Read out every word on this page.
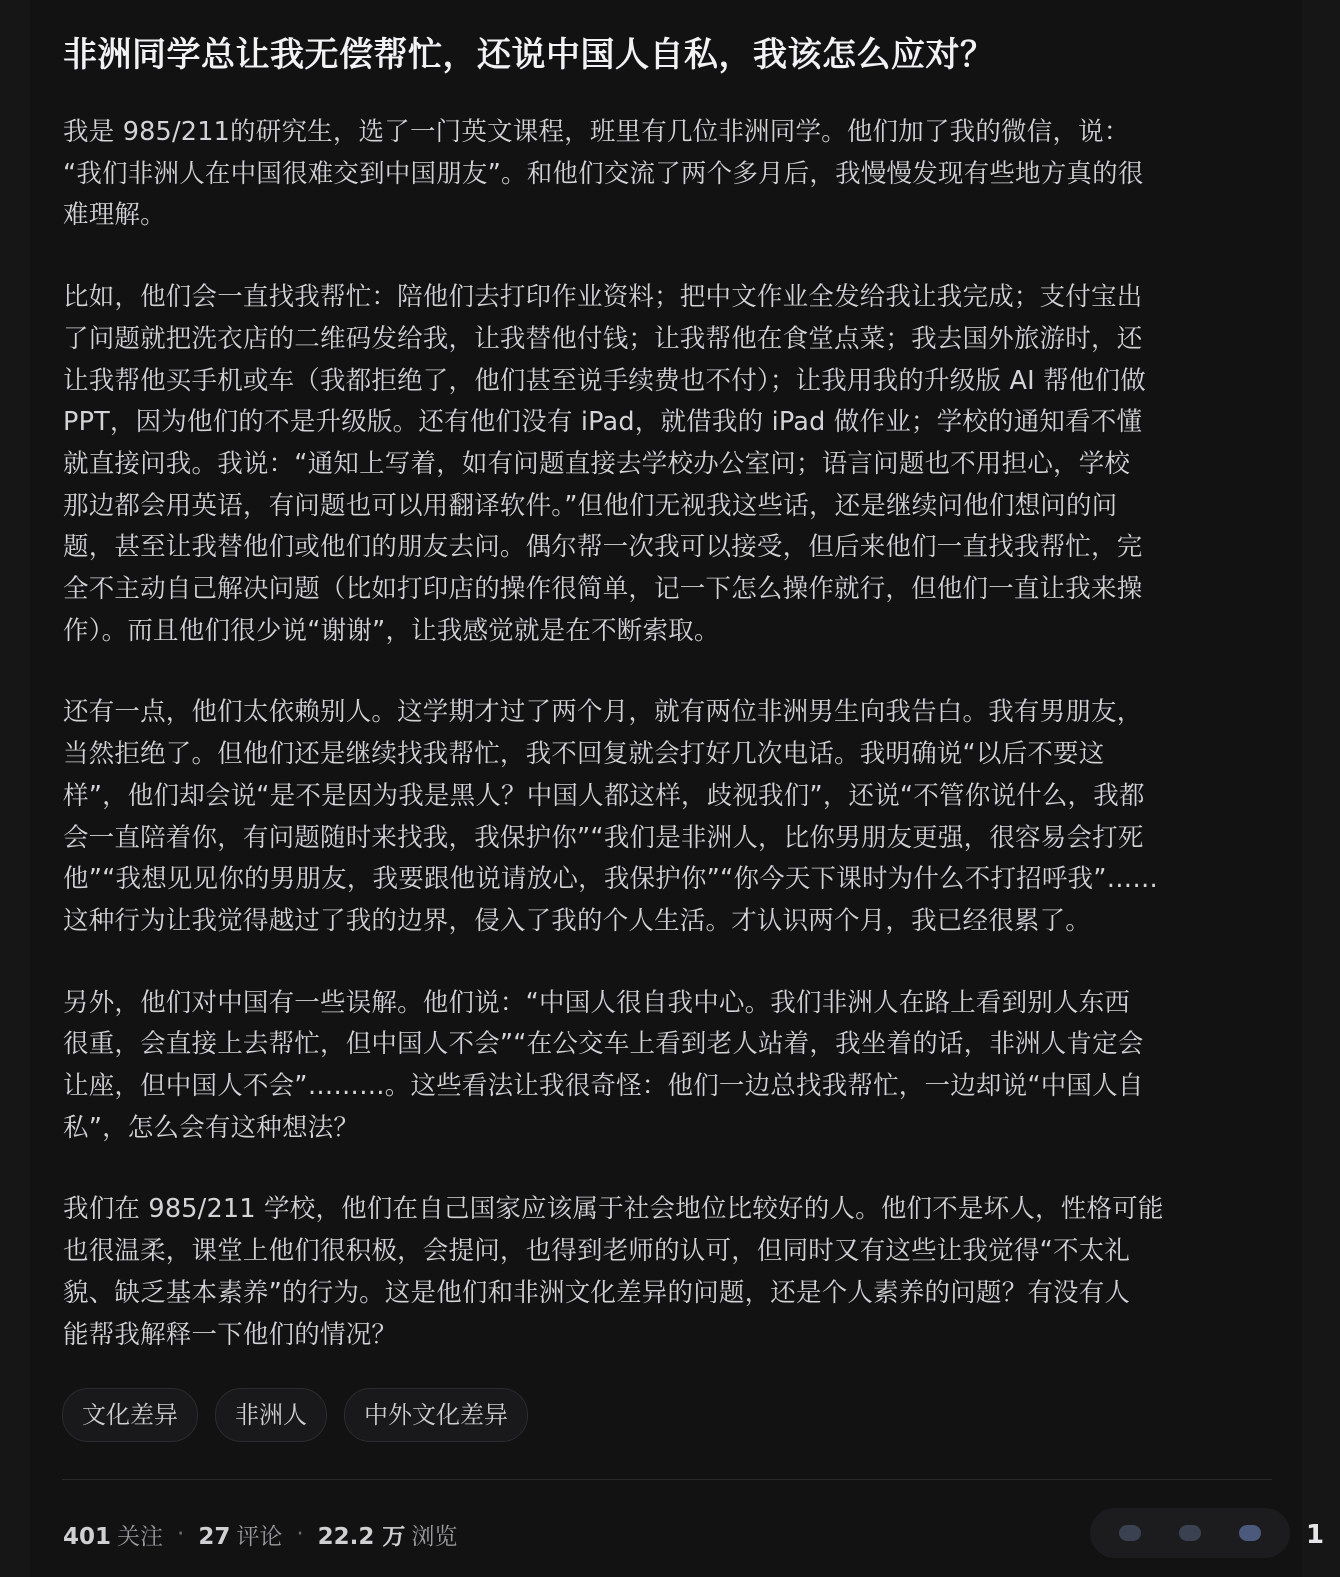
非洲同学总让我无偿帮忙，还说中国人自私，我该怎么应对？

我是 985/211的研究生，选了一门英文课程，班里有几位非洲同学。他们加了我的微信，说：
“我们非洲人在中国很难交到中国朋友”。和他们交流了两个多月后，我慢慢发现有些地方真的很
难理解。

比如，他们会一直找我帮忙：陪他们去打印作业资料；把中文作业全发给我让我完成；支付宝出
了问题就把洗衣店的二维码发给我，让我替他付钱；让我帮他在食堂点菜；我去国外旅游时，还
让我帮他买手机或车（我都拒绝了，他们甚至说手续费也不付）；让我用我的升级版 AI 帮他们做
PPT，因为他们的不是升级版。还有他们没有 iPad，就借我的 iPad 做作业；学校的通知看不懂
就直接问我。我说：“通知上写着，如有问题直接去学校办公室问；语言问题也不用担心，学校
那边都会用英语，有问题也可以用翻译软件。”但他们无视我这些话，还是继续问他们想问的问
题，甚至让我替他们或他们的朋友去问。偶尔帮一次我可以接受，但后来他们一直找我帮忙，完
全不主动自己解决问题（比如打印店的操作很简单，记一下怎么操作就行，但他们一直让我来操
作）。而且他们很少说“谢谢”，让我感觉就是在不断索取。

还有一点，他们太依赖别人。这学期才过了两个月，就有两位非洲男生向我告白。我有男朋友，
当然拒绝了。但他们还是继续找我帮忙，我不回复就会打好几次电话。我明确说“以后不要这
样”，他们却会说“是不是因为我是黑人？中国人都这样，歧视我们”，还说“不管你说什么，我都
会一直陪着你，有问题随时来找我，我保护你”“我们是非洲人，比你男朋友更强，很容易会打死
他”“我想见见你的男朋友，我要跟他说请放心，我保护你”“你今天下课时为什么不打招呼我”……
这种行为让我觉得越过了我的边界，侵入了我的个人生活。才认识两个月，我已经很累了。

另外，他们对中国有一些误解。他们说：“中国人很自我中心。我们非洲人在路上看到别人东西
很重，会直接上去帮忙，但中国人不会”“在公交车上看到老人站着，我坐着的话，非洲人肯定会
让座，但中国人不会”………。这些看法让我很奇怪：他们一边总找我帮忙，一边却说“中国人自
私”，怎么会有这种想法？

我们在 985/211 学校，他们在自己国家应该属于社会地位比较好的人。他们不是坏人，性格可能
也很温柔，课堂上他们很积极，会提问，也得到老师的认可，但同时又有这些让我觉得“不太礼
貌、缺乏基本素养”的行为。这是他们和非洲文化差异的问题，还是个人素养的问题？有没有人
能帮我解释一下他们的情况？

文化差异	非洲人	中外文化差异
401 关注 · 27 评论 · 22.2 万 浏览	1
